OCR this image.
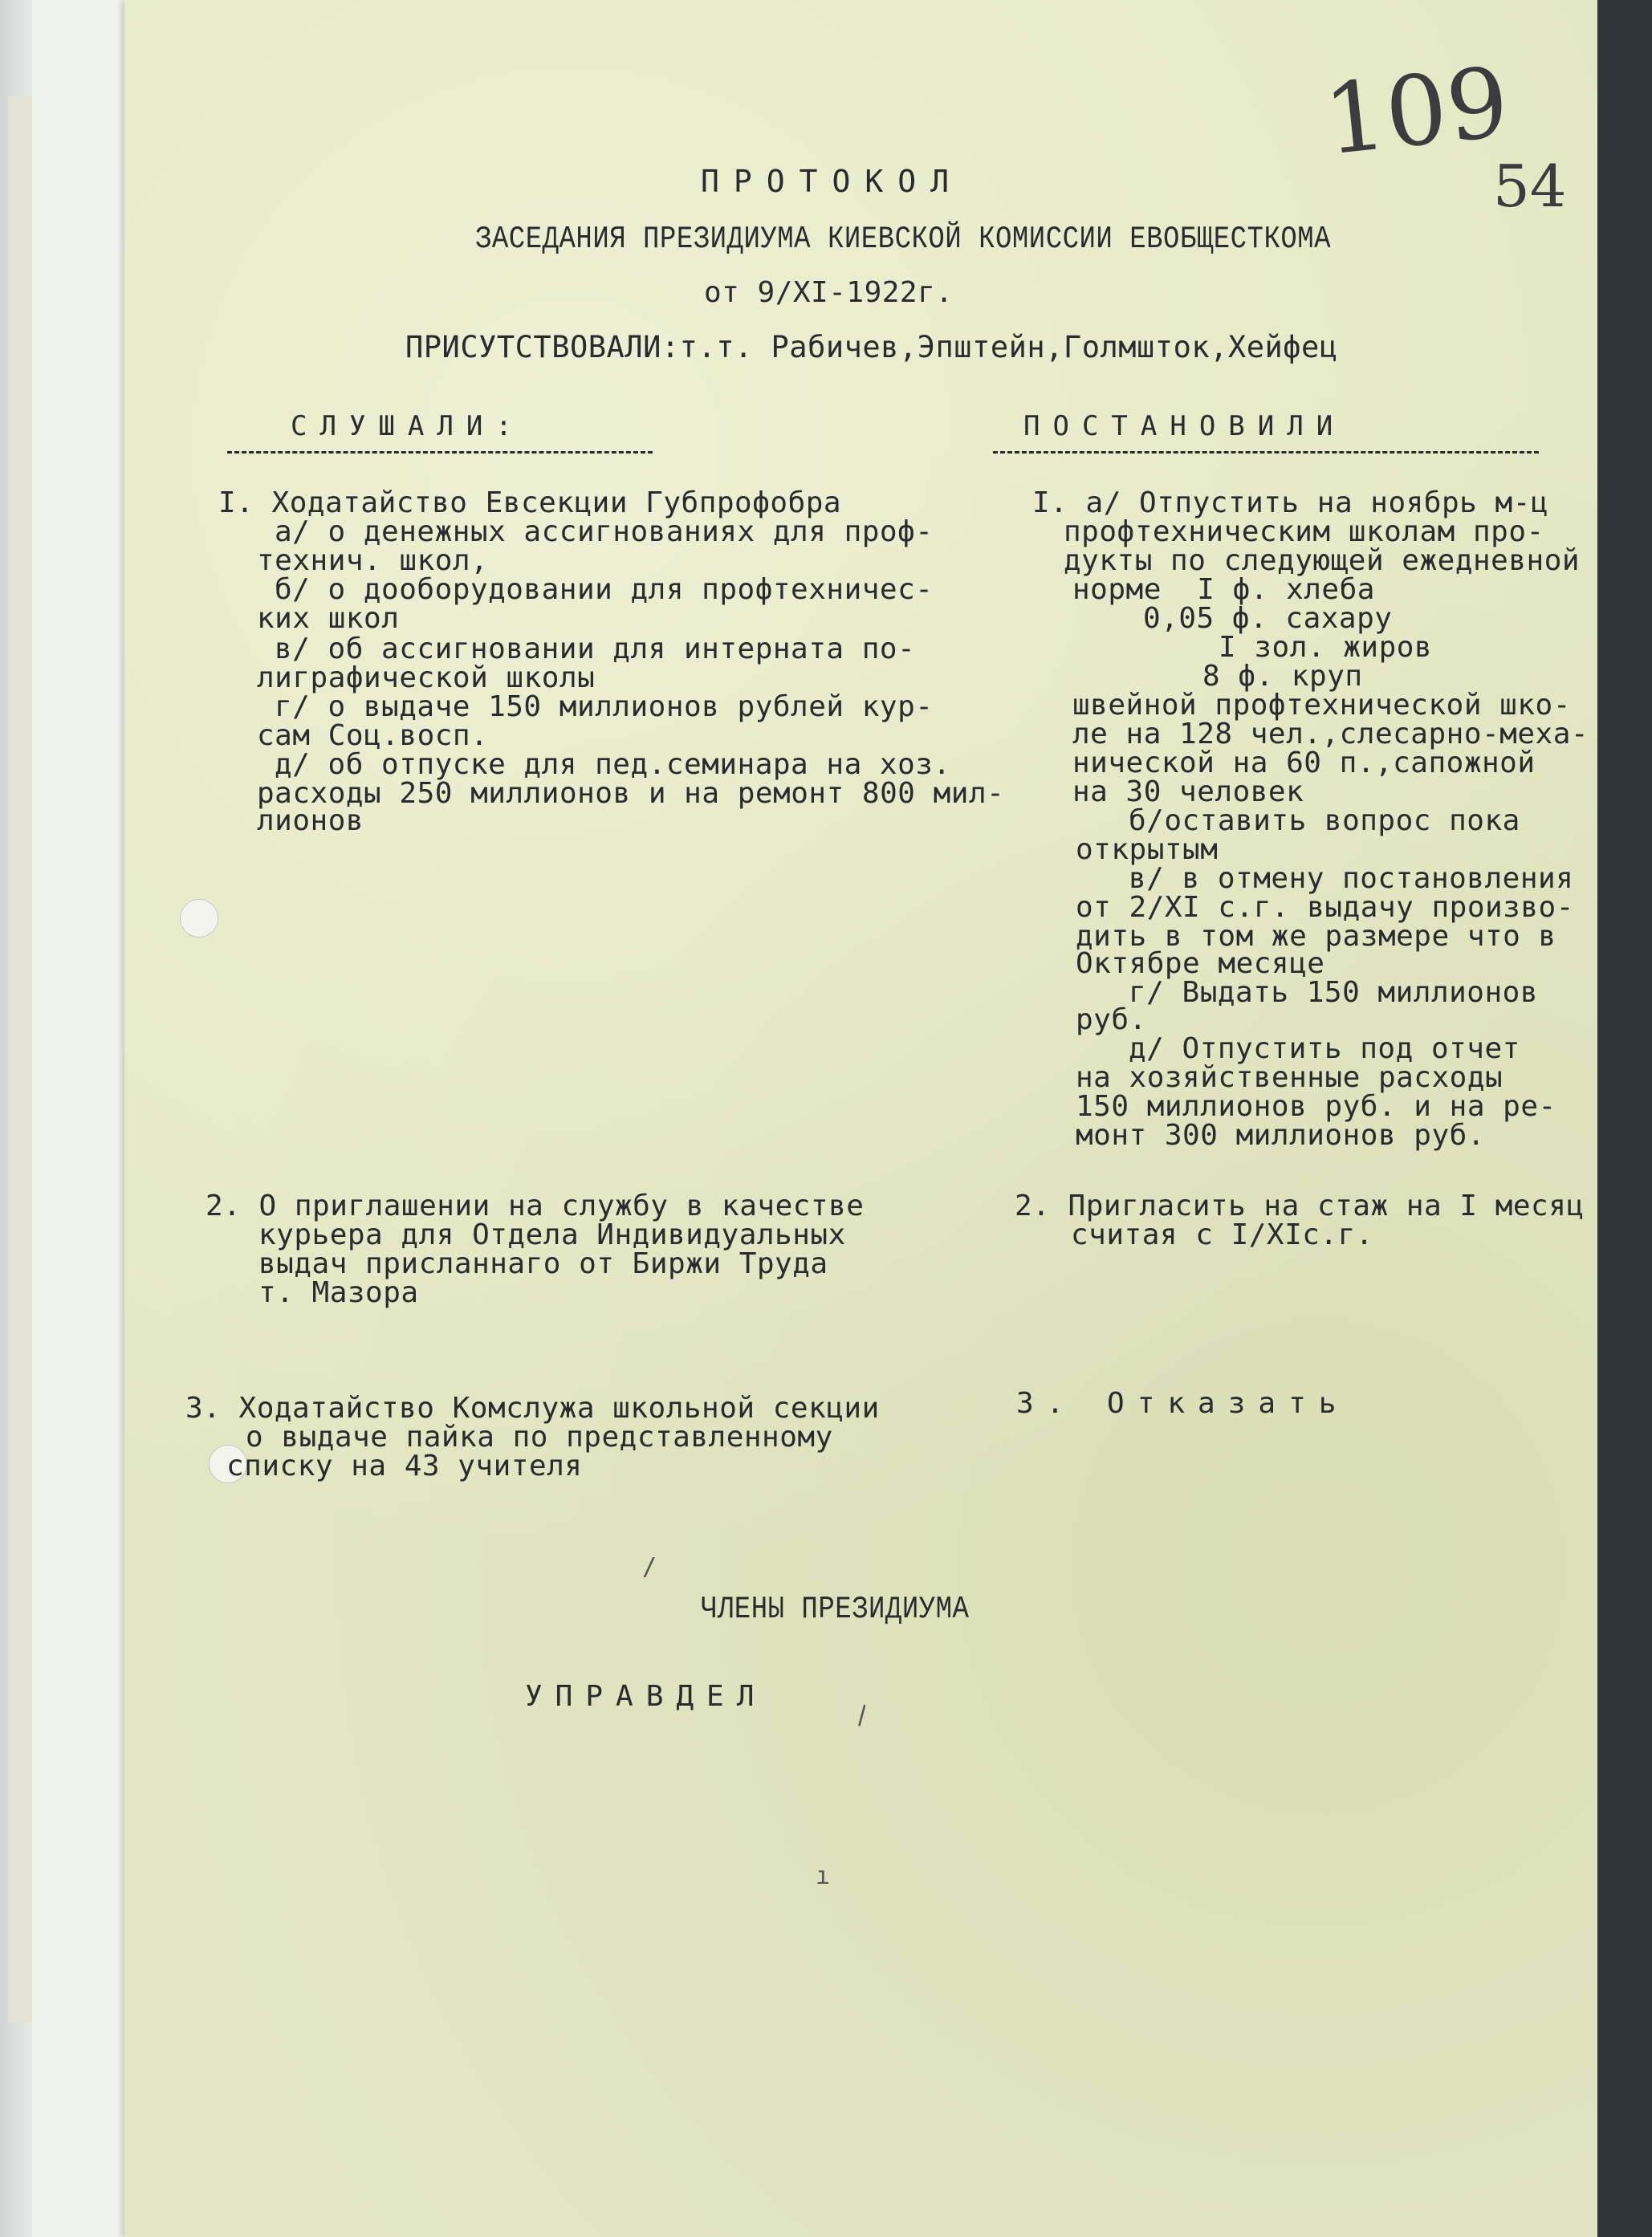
109
54
ПРОТОКОЛ
ЗАСЕДАНИЯ ПРЕЗИДИУМА КИЕВСКОЙ КОМИССИИ ЕВОБЩЕСТКОМА
от 9/XI-1922г.
ПРИСУТСТВОВАЛИ:т.т. Рабичев,Эпштейн,Голмшток,Хейфец
СЛУШАЛИ:	ПОСТАНОВИЛИ
I. Ходатайство Евсекции Губпрофобра
а/ о денежных ассигнованиях для проф-
технич. школ,
б/ о дооборудовании для профтехничес-
ких школ
в/ об ассигновании для интерната по-
лиграфической школы
г/ о выдаче 150 миллионов рублей кур-
сам Соц.восп.
д/ об отпуске для пед.семинара на хоз.
расходы 250 миллионов и на ремонт 800 мил-
лионов
I. а/ Отпустить на ноябрь м-ц
профтехническим школам про-
дукты по следующей ежедневной
норме  I ф. хлеба
0,05 ф. сахару
I зол. жиров
8 ф. круп
швейной профтехнической шко-
ле на 128 чел.,слесарно-меха-
нической на 60 п.,сапожной
на 30 человек
б/оставить вопрос пока
открытым
в/ в отмену постановления
от 2/XI с.г. выдачу произво-
дить в том же размере что в
Октябре месяце
г/ Выдать 150 миллионов
руб.
д/ Отпустить под отчет
на хозяйственные расходы
150 миллионов руб. и на ре-
монт 300 миллионов руб.
2. О приглашении на службу в качестве
курьера для Отдела Индивидуальных
выдач присланнаго от Биржи Труда
т. Мазора
2. Пригласить на стаж на I месяц
считая с I/XIс.г.
3. Ходатайство Комслужа школьной секции
о выдаче пайка по представленному
списку на 43 учителя
3. Отказать
ЧЛЕНЫ ПРЕЗИДИУМА
УПРАВДЕЛ
\
ı
/
